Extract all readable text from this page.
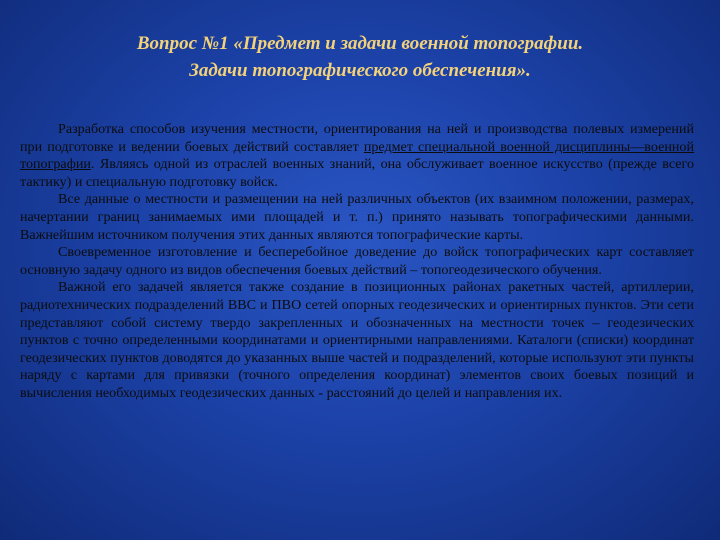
Вопрос №1 «Предмет и задачи военной топографии.
Задачи топографического обеспечения».

Разработка способов изучения местности, ориентирования на ней и производства полевых измерений при подготовке и ведении боевых действий составляет предмет специальной военной дисциплины—военной топографии. Являясь одной из отраслей военных знаний, она обслуживает военное искусство (прежде всего тактику) и специальную подготовку войск.

Все данные о местности и размещении на ней различных объектов (их взаимном положении, размерах, начертании границ занимаемых ими площадей и т. п.) принято называть топографическими данными. Важнейшим источником получения этих данных являются топографические карты.

Своевременное изготовление и бесперебойное доведение до войск топографических карт составляет основную задачу одного из видов обеспечения боевых действий – топогеодезического обучения.

Важной его задачей является также создание в позиционных районах ракетных частей, артиллерии, радиотехнических подразделений ВВС и ПВО сетей опорных геодезических и ориентирных пунктов. Эти сети представляют собой систему твердо закрепленных и обозначенных на местности точек – геодезических пунктов с точно определенными координатами и ориентирными направлениями. Каталоги (списки) координат геодезических пунктов доводятся до указанных выше частей и подразделений, которые используют эти пункты наряду с картами для привязки (точного определения координат) элементов своих боевых позиций и вычисления необходимых геодезических данных - расстояний до целей и направления их.
